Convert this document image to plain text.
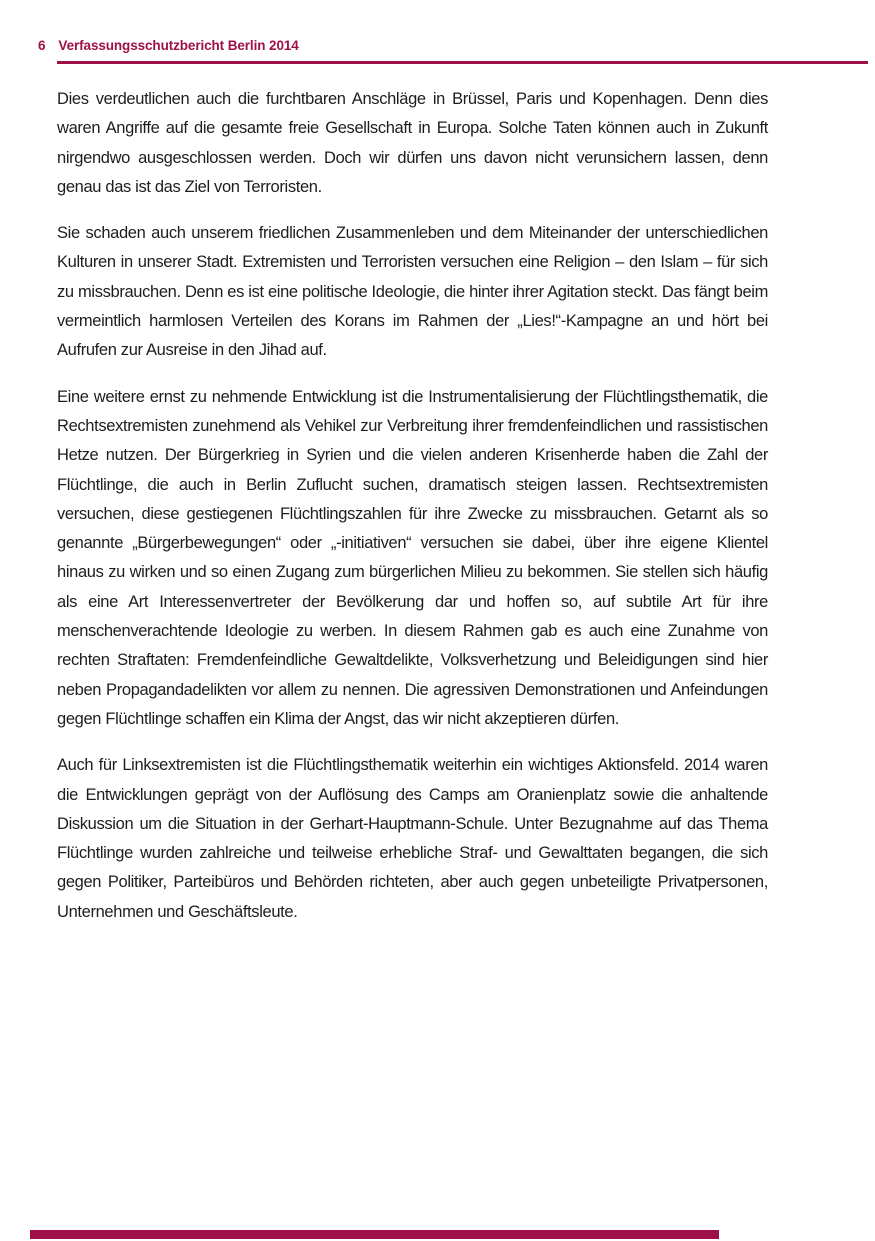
6 Verfassungsschutzbericht Berlin 2014

Dies verdeutlichen auch die furchtbaren Anschläge in Brüssel, Paris und Kopenhagen. Denn dies waren Angriffe auf die gesamte freie Gesellschaft in Europa. Solche Taten können auch in Zukunft nirgendwo ausgeschlossen werden. Doch wir dürfen uns davon nicht verunsichern lassen, denn genau das ist das Ziel von Terroristen.

Sie schaden auch unserem friedlichen Zusammenleben und dem Miteinander der unterschiedlichen Kulturen in unserer Stadt. Extremisten und Terroristen versuchen eine Religion – den Islam – für sich zu missbrauchen. Denn es ist eine politische Ideologie, die hinter ihrer Agitation steckt. Das fängt beim vermeintlich harmlosen Verteilen des Korans im Rahmen der „Lies!“-Kampagne an und hört bei Aufrufen zur Ausreise in den Jihad auf.

Eine weitere ernst zu nehmende Entwicklung ist die Instrumentalisierung der Flüchtlingsthematik, die Rechtsextremisten zunehmend als Vehikel zur Verbreitung ihrer fremdenfeindlichen und rassistischen Hetze nutzen. Der Bürgerkrieg in Syrien und die vielen anderen Krisenherde haben die Zahl der Flüchtlinge, die auch in Berlin Zuflucht suchen, dramatisch steigen lassen. Rechtsextremisten versuchen, diese gestiegenen Flüchtlingszahlen für ihre Zwecke zu missbrauchen. Getarnt als so genannte „Bürgerbewegungen“ oder „-initiativen“ versuchen sie dabei, über ihre eigene Klientel hinaus zu wirken und so einen Zugang zum bürgerlichen Milieu zu bekommen. Sie stellen sich häufig als eine Art Interessenvertreter der Bevölkerung dar und hoffen so, auf subtile Art für ihre menschenverachtende Ideologie zu werben. In diesem Rahmen gab es auch eine Zunahme von rechten Straftaten: Fremdenfeindliche Gewaltdelikte, Volksverhetzung und Beleidigungen sind hier neben Propagandadelikten vor allem zu nennen. Die agressiven Demonstrationen und Anfeindungen gegen Flüchtlinge schaffen ein Klima der Angst, das wir nicht akzeptieren dürfen.

Auch für Linksextremisten ist die Flüchtlingsthematik weiterhin ein wichtiges Aktionsfeld. 2014 waren die Entwicklungen geprägt von der Auflösung des Camps am Oranienplatz sowie die anhaltende Diskussion um die Situation in der Gerhart-Hauptmann-Schule. Unter Bezugnahme auf das Thema Flüchtlinge wurden zahlreiche und teilweise erhebliche Straf- und Gewalttaten begangen, die sich gegen Politiker, Parteibüros und Behörden richteten, aber auch gegen unbeteiligte Privatpersonen, Unternehmen und Geschäftsleute.
